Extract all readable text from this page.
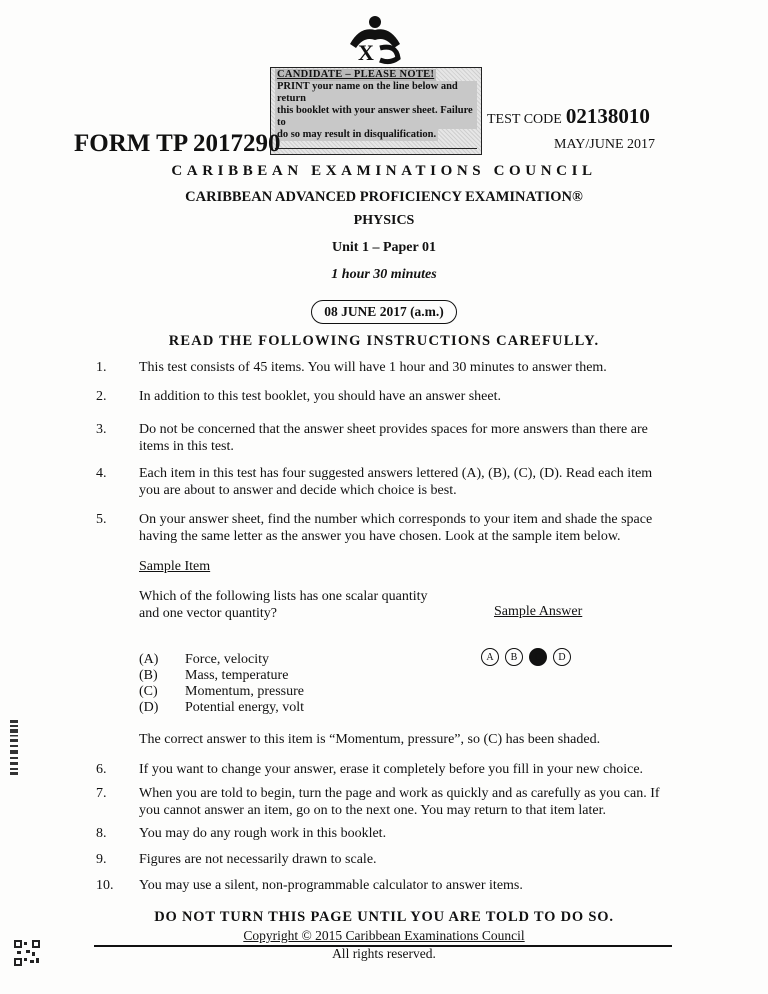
X
CANDIDATE – PLEASE NOTE!
PRINT your name on the line below and return
this booklet with your answer sheet. Failure to
do so may result in disqualification.
TEST CODE 02138010
FORM TP 2017290	MAY/JUNE 2017
CARIBBEAN EXAMINATIONS COUNCIL
CARIBBEAN ADVANCED PROFICIENCY EXAMINATION®
PHYSICS
Unit 1 – Paper 01
1 hour 30 minutes
08 JUNE 2017 (a.m.)
READ THE FOLLOWING INSTRUCTIONS CAREFULLY.
1.	This test consists of 45 items. You will have 1 hour and 30 minutes to answer them.
2.	In addition to this test booklet, you should have an answer sheet.
3.	Do not be concerned that the answer sheet provides spaces for more answers than there are items in this test.
4.	Each item in this test has four suggested answers lettered (A), (B), (C), (D). Read each item you are about to answer and decide which choice is best.
5.	On your answer sheet, find the number which corresponds to your item and shade the space having the same letter as the answer you have chosen. Look at the sample item below.
Sample Item
Which of the following lists has one scalar quantity and one vector quantity?	Sample Answer
A	B	C	D
(A) Force, velocity
(B) Mass, temperature
(C) Momentum, pressure
(D) Potential energy, volt
The correct answer to this item is “Momentum, pressure”, so (C) has been shaded.
6.	If you want to change your answer, erase it completely before you fill in your new choice.
7.	When you are told to begin, turn the page and work as quickly and as carefully as you can. If you cannot answer an item, go on to the next one. You may return to that item later.
8.	You may do any rough work in this booklet.
9.	Figures are not necessarily drawn to scale.
10. You may use a silent, non-programmable calculator to answer items.
DO NOT TURN THIS PAGE UNTIL YOU ARE TOLD TO DO SO.
Copyright © 2015 Caribbean Examinations Council
All rights reserved.
